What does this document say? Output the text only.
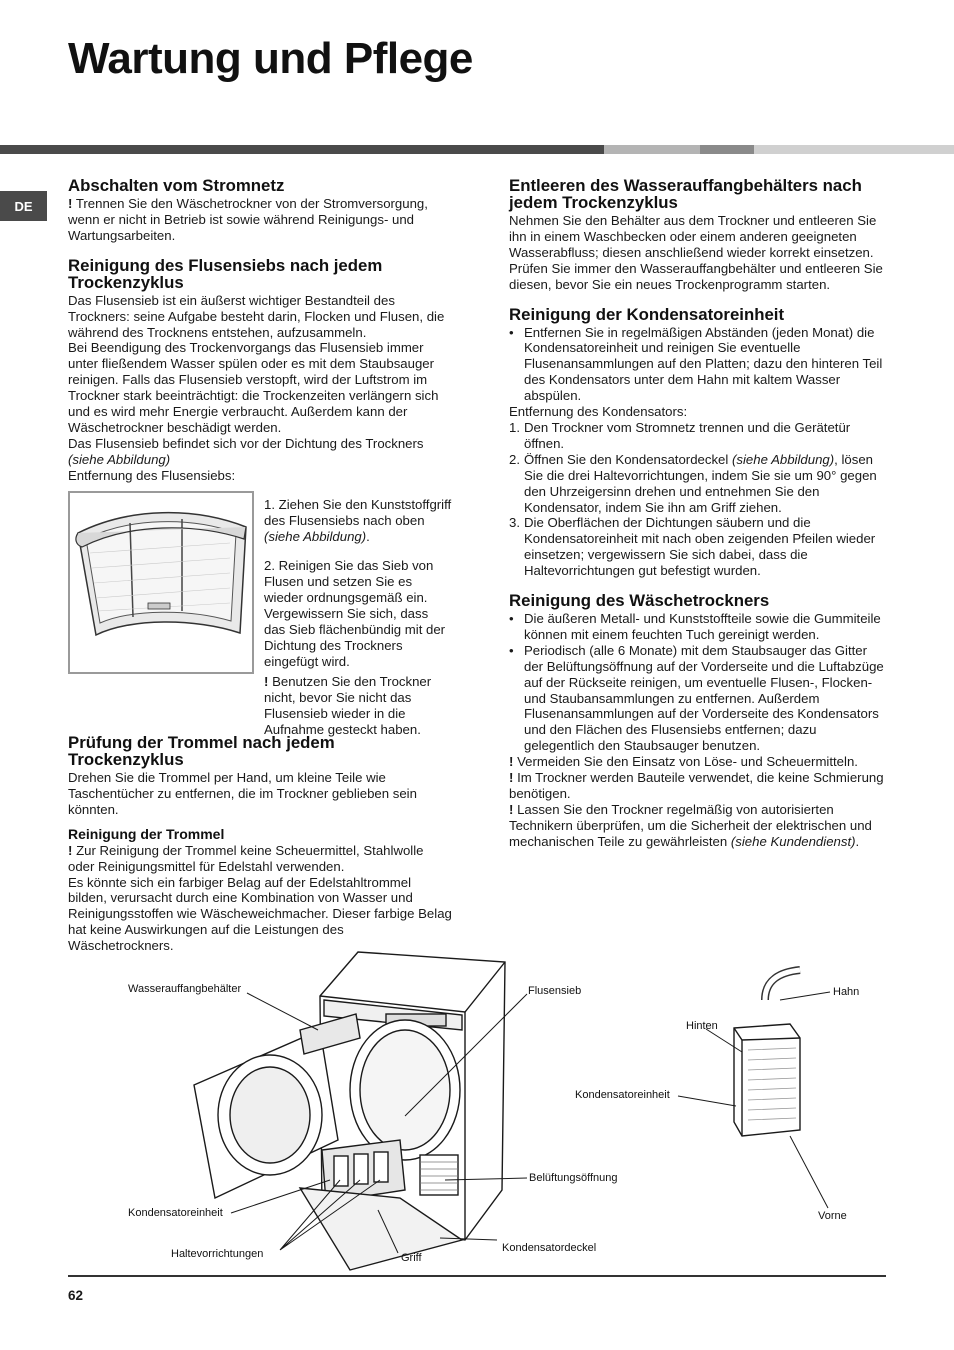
Wartung und Pflege
DE
Abschalten vom Stromnetz

! Trennen Sie den Wäschetrockner von der Stromversorgung, wenn er nicht in Betrieb ist sowie während Reinigungs- und Wartungsarbeiten.

Reinigung des Flusensiebs nach jedem Trockenzyklus

Das Flusensieb ist ein äußerst wichtiger Bestandteil des Trockners: seine Aufgabe besteht darin, Flocken und Flusen, die während des Trocknens entstehen, aufzusammeln.

Bei Beendigung des Trockenvorgangs das Flusensieb immer unter fließendem Wasser spülen oder es mit dem Staubsauger reinigen. Falls das Flusensieb verstopft, wird der Luftstrom im Trockner stark beeinträchtigt: die Trockenzeiten verlängern sich und es wird mehr Energie verbraucht. Außerdem kann der Wäschetrockner beschädigt werden.

Das Flusensieb befindet sich vor der Dichtung des Trockners
(siehe Abbildung)

Entfernung des Flusensiebs:

1. Ziehen Sie den Kunststoffgriff des Flusensiebs nach oben (siehe Abbildung).

2. Reinigen Sie das Sieb von Flusen und setzen Sie es wieder ordnungsgemäß ein. Vergewissern Sie sich, dass das Sieb flächenbündig mit der Dichtung des Trockners eingefügt wird.

! Benutzen Sie den Trockner nicht, bevor Sie nicht das Flusensieb wieder in die Aufnahme gesteckt haben.

Prüfung der Trommel nach jedem Trockenzyklus

Drehen Sie die Trommel per Hand, um kleine Teile wie Taschentücher zu entfernen, die im Trockner geblieben sein könnten.

Reinigung der Trommel

! Zur Reinigung der Trommel keine Scheuermittel, Stahlwolle oder Reinigungsmittel für Edelstahl verwenden.

Es könnte sich ein farbiger Belag auf der Edelstahltrommel bilden, verursacht durch eine Kombination von Wasser und Reinigungsstoffen wie Wäscheweichmacher. Dieser farbige Belag hat keine Auswirkungen auf die Leistungen des Wäschetrockners.

Entleeren des Wasserauffangbehälters nach jedem Trockenzyklus

Nehmen Sie den Behälter aus dem Trockner und entleeren Sie ihn in einem Waschbecken oder einem anderen geeigneten Wasserabfluss; diesen anschließend wieder korrekt einsetzen.

Prüfen Sie immer den Wasserauffangbehälter und entleeren Sie diesen, bevor Sie ein neues Trockenprogramm starten.

Reinigung der Kondensatoreinheit
• Entfernen Sie in regelmäßigen Abständen (jeden Monat) die Kondensatoreinheit und reinigen Sie eventuelle Flusenansammlungen auf den Platten; dazu den hinteren Teil des Kondensators unter dem Hahn mit kaltem Wasser abspülen.

Entfernung des Kondensators:

1. Den Trockner vom Stromnetz trennen und die Gerätetür öffnen.
2. Öffnen Sie den Kondensatordeckel (siehe Abbildung), lösen Sie die drei Haltevorrichtungen, indem Sie sie um 90° gegen den Uhrzeigersinn drehen und entnehmen Sie den Kondensator, indem Sie ihn am Griff ziehen.
3. Die Oberflächen der Dichtungen säubern und die Kondensatoreinheit mit nach oben zeigenden Pfeilen wieder einsetzen; vergewissern Sie sich dabei, dass die Haltevorrichtungen gut befestigt wurden.
Reinigung des Wäschetrockners
• Die äußeren Metall- und Kunststoffteile sowie die Gummiteile können mit einem feuchten Tuch gereinigt werden.
• Periodisch (alle 6 Monate) mit dem Staubsauger das Gitter der Belüftungsöffnung auf der Vorderseite und die Luftabzüge auf der Rückseite reinigen, um eventuelle Flusen-, Flocken- und Staubansammlungen zu entfernen. Außerdem Flusenansammlungen auf der Vorderseite des Kondensators und den Flächen des Flusensiebs entfernen; dazu gelegentlich den Staubsauger benutzen.

! Vermeiden Sie den Einsatz von Löse- und Scheuermitteln.

! Im Trockner werden Bauteile verwendet, die keine Schmierung benötigen.

! Lassen Sie den Trockner regelmäßig von autorisierten Technikern überprüfen, um die Sicherheit der elektrischen und mechanischen Teile zu gewährleisten (siehe Kundendienst).

Wasserauffangbehälter	Flusensieb	Hahn
Hinten
Kondensatoreinheit
Belüftungsöffnung
Kondensatoreinheit	Vorne
Haltevorrichtungen	Griff
Kondensatordeckel
62
